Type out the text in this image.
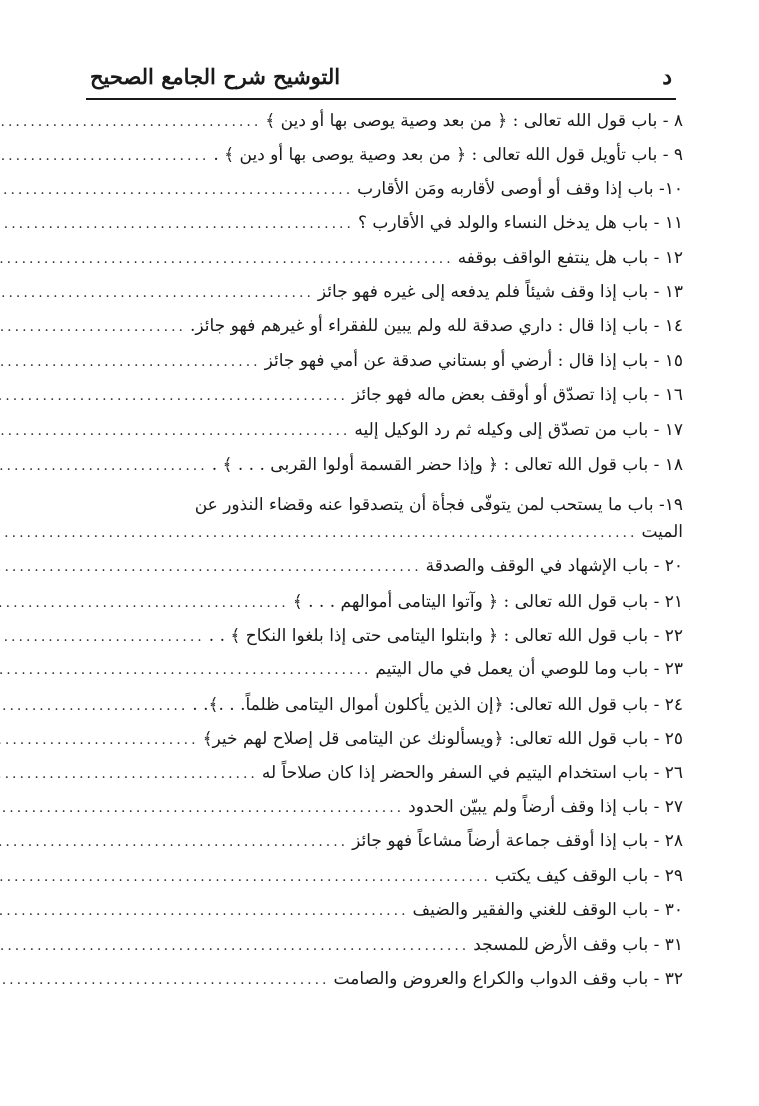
د
التوشيح شرح الجامع الصحيح
٨ - باب قول الله تعالى : ﴿ من بعد وصية يوصى بها أو دين ﴾
.....
٩ - باب تأويل قول الله تعالى : ﴿ من بعد وصية يوصى بها أو دين ﴾ .
.....
١٠- باب إذا وقف أو أوصى لأقاربه ومَن الأقارب
.....
١١ - باب هل يدخل النساء والولد في الأقارب ؟
.....
١٢ - باب هل ينتفع الواقف بوقفه
.....
١٣ - باب إذا وقف شيئاً فلم يدفعه إلى غيره فهو جائز
.....
١٤ - باب إذا قال : داري صدقة لله ولم يبين للفقراء أو غيرهم فهو جائز.
.....
١٥ - باب إذا قال : أرضي أو بستاني صدقة عن أمي فهو جائز
.....
١٦ - باب إذا تصدّق أو أوقف بعض ماله فهو جائز
.....
١٧ - باب من تصدّق إلى وكيله ثم رد الوكيل إليه
.....
١٨ - باب قول الله تعالى : ﴿ وإذا حضر القسمة أولوا القربى . . . ﴾ .
.....
١٩- باب ما يستحب لمن يتوفّى فجأة أن يتصدقوا عنه وقضاء النذور عن
الميت
.....
٢٠ - باب الإشهاد في الوقف والصدقة
.....
٢١ - باب قول الله تعالى : ﴿ وآتوا اليتامى أموالهم . . . ﴾
.....
٢٢ - باب قول الله تعالى : ﴿ وابتلوا اليتامى حتى إذا بلغوا النكاح ﴾ . .
.....
٢٣ - باب وما للوصي أن يعمل في مال اليتيم
.....
٢٤ - باب قول الله تعالى: ﴿إن الذين يأكلون أموال اليتامى ظلماً. . .﴾. .
.....
٢٥ - باب قول الله تعالى: ﴿ويسألونك عن اليتامى قل إصلاح لهم خير﴾
.....
٢٦ - باب استخدام اليتيم في السفر والحضر إذا كان صلاحاً له
.....
٢٧ - باب إذا وقف أرضاً ولم يبيّن الحدود
.....
٢٨ - باب إذا أوقف جماعة أرضاً مشاعاً فهو جائز
.....
٢٩ - باب الوقف كيف يكتب
.....
٣٠ - باب الوقف للغني والفقير والضيف
.....
٣١ - باب وقف الأرض للمسجد
.....
٣٢ - باب وقف الدواب والكراع والعروض والصامت
.....
